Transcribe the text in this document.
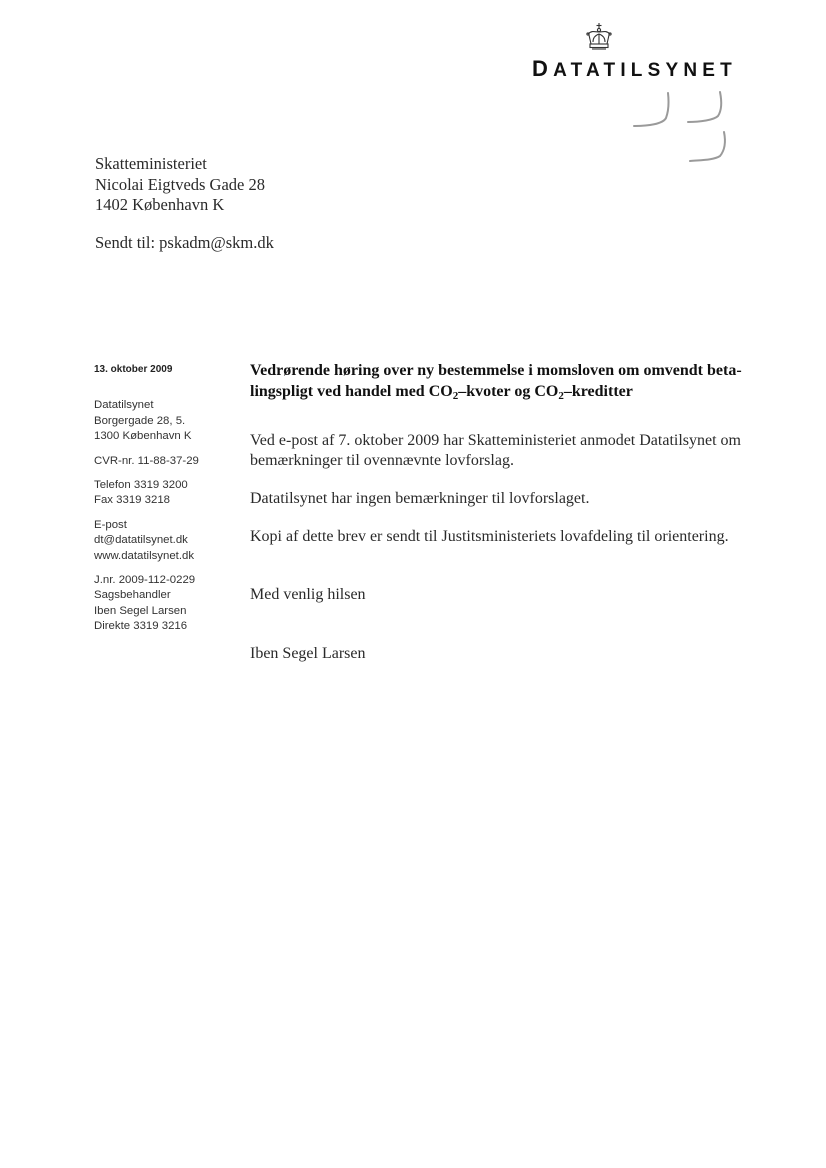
DATATILSYNET
Skatteministeriet
Nicolai Eigtveds Gade 28
1402 København K
Sendt til: pskadm@skm.dk
13. oktober 2009
Datatilsynet
Borgergade 28, 5.
1300 København K
CVR-nr. 11-88-37-29
Telefon 3319 3200
Fax 3319 3218
E-post
dt@datatilsynet.dk
www.datatilsynet.dk
J.nr. 2009-112-0229
Sagsbehandler
Iben Segel Larsen
Direkte 3319 3216
Vedrørende høring over ny bestemmelse i momsloven om omvendt beta-lingspligt ved handel med $CO_2$–kvoter og $CO_2$–kreditter
Ved e-post af 7. oktober 2009 har Skatteministeriet anmodet Datatilsynet om bemærkninger til ovennævnte lovforslag.
Datatilsynet har ingen bemærkninger til lovforslaget.
Kopi af dette brev er sendt til Justitsministeriets lovafdeling til orientering.
Med venlig hilsen
Iben Segel Larsen
